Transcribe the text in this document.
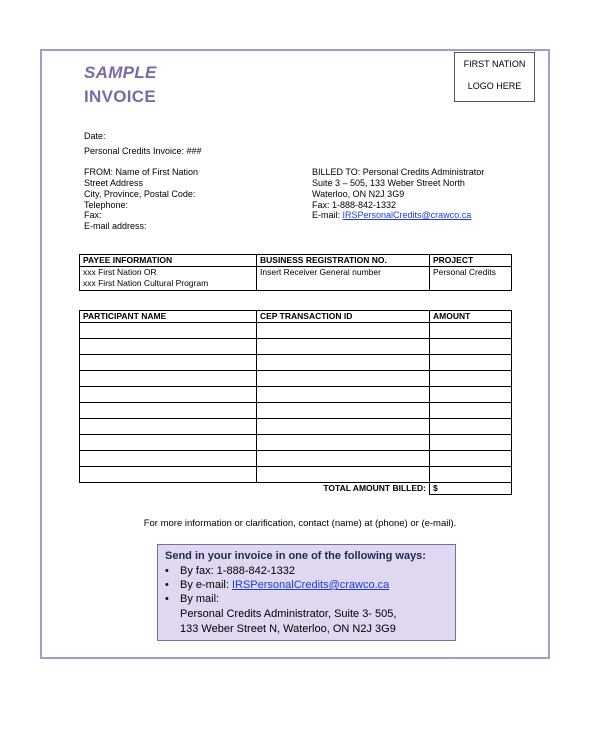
SAMPLE
INVOICE
FIRST NATION
LOGO HERE
Date:
Personal Credits Invoice: ###
FROM: Name of First Nation
Street Address
City, Province, Postal Code:
Telephone:
Fax:
E-mail address:
BILLED TO: Personal Credits Administrator
Suite 3 – 505, 133 Weber Street North
Waterloo, ON N2J 3G9
Fax: 1-888-842-1332
E-mail: IRSPersonalCredits@crawco.ca
PAYEE INFORMATION	BUSINESS REGISTRATION NO.	PROJECT

xxx First Nation OR
xxx First Nation Cultural Program	Insert Receiver General number	Personal Credits
PARTICIPANT NAME	CEP TRANSACTION ID	AMOUNT

	TOTAL AMOUNT BILLED:	$
For more information or clarification, contact (name) at (phone) or (e-mail).
Send in your invoice in one of the following ways:
• By fax: 1-888-842-1332
• By e-mail: IRSPersonalCredits@crawco.ca
• By mail:
Personal Credits Administrator, Suite 3- 505,
133 Weber Street N, Waterloo, ON N2J 3G9
